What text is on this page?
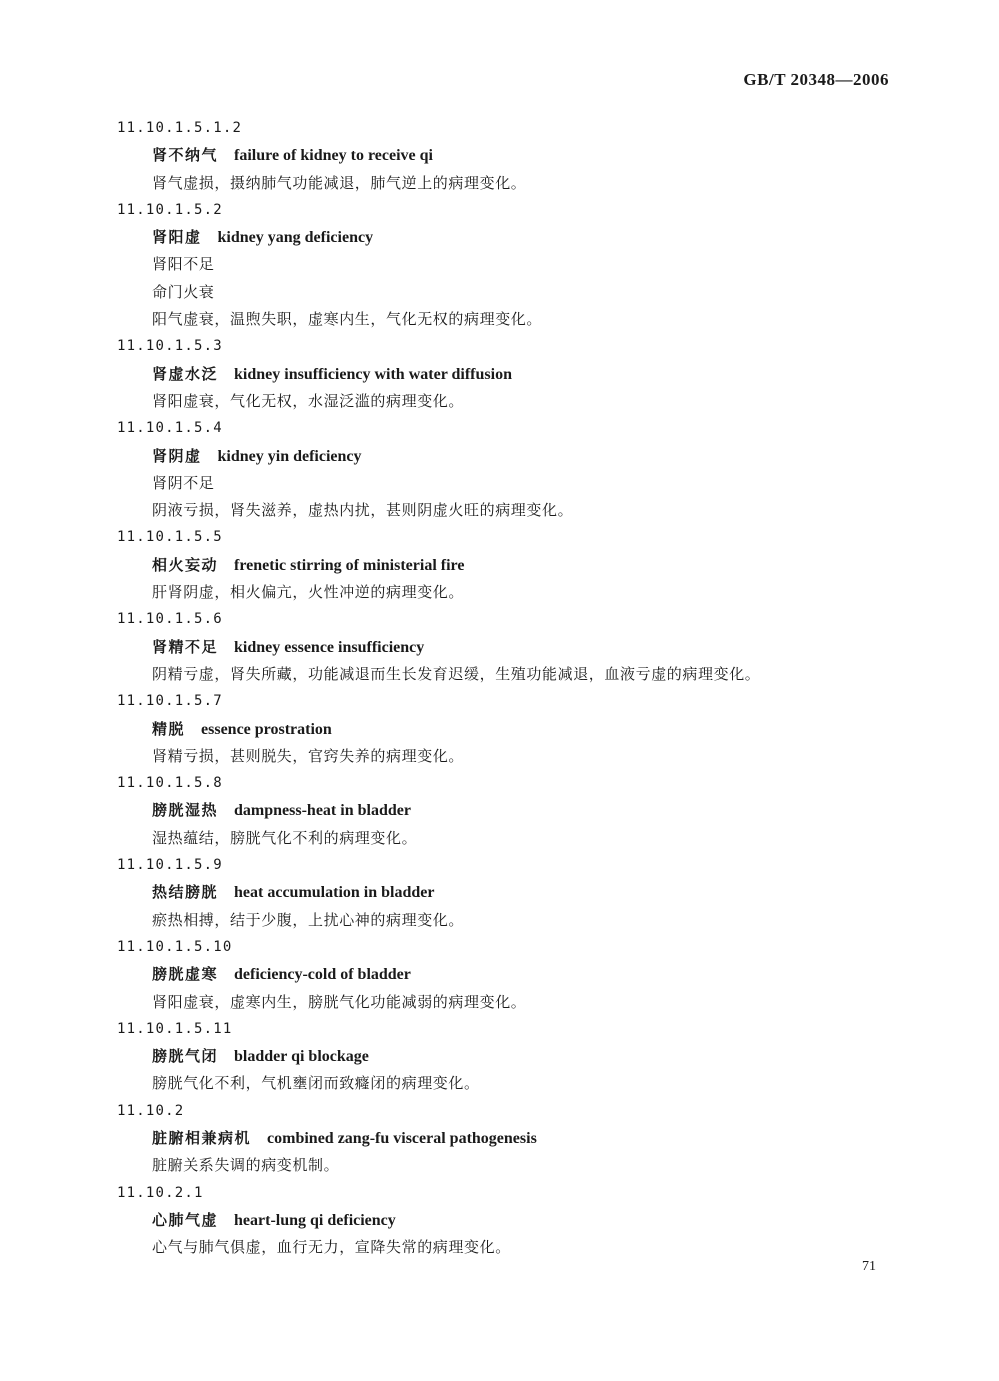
GB/T 20348—2006
11.10.1.5.1.2
肾不纳气 failure of kidney to receive qi
肾气虚损，摄纳肺气功能减退，肺气逆上的病理变化。
11.10.1.5.2
肾阳虚 kidney yang deficiency
肾阳不足
命门火衰
阳气虚衰，温煦失职，虚寒内生，气化无权的病理变化。
11.10.1.5.3
肾虚水泛 kidney insufficiency with water diffusion
肾阳虚衰，气化无权，水湿泛滥的病理变化。
11.10.1.5.4
肾阴虚 kidney yin deficiency
肾阴不足
阴液亏损，肾失滋养，虚热内扰，甚则阴虚火旺的病理变化。
11.10.1.5.5
相火妄动 frenetic stirring of ministerial fire
肝肾阴虚，相火偏亢，火性冲逆的病理变化。
11.10.1.5.6
肾精不足 kidney essence insufficiency
阴精亏虚，肾失所藏，功能减退而生长发育迟缓，生殖功能减退，血液亏虚的病理变化。
11.10.1.5.7
精脱 essence prostration
肾精亏损，甚则脱失，官窍失养的病理变化。
11.10.1.5.8
膀胱湿热 dampness-heat in bladder
湿热蕴结，膀胱气化不利的病理变化。
11.10.1.5.9
热结膀胱 heat accumulation in bladder
瘀热相搏，结于少腹，上扰心神的病理变化。
11.10.1.5.10
膀胱虚寒 deficiency-cold of bladder
肾阳虚衰，虚寒内生，膀胱气化功能减弱的病理变化。
11.10.1.5.11
膀胱气闭 bladder qi blockage
膀胱气化不利，气机壅闭而致癃闭的病理变化。
11.10.2
脏腑相兼病机 combined zang-fu visceral pathogenesis
脏腑关系失调的病变机制。
11.10.2.1
心肺气虚 heart-lung qi deficiency
心气与肺气俱虚，血行无力，宣降失常的病理变化。
71
